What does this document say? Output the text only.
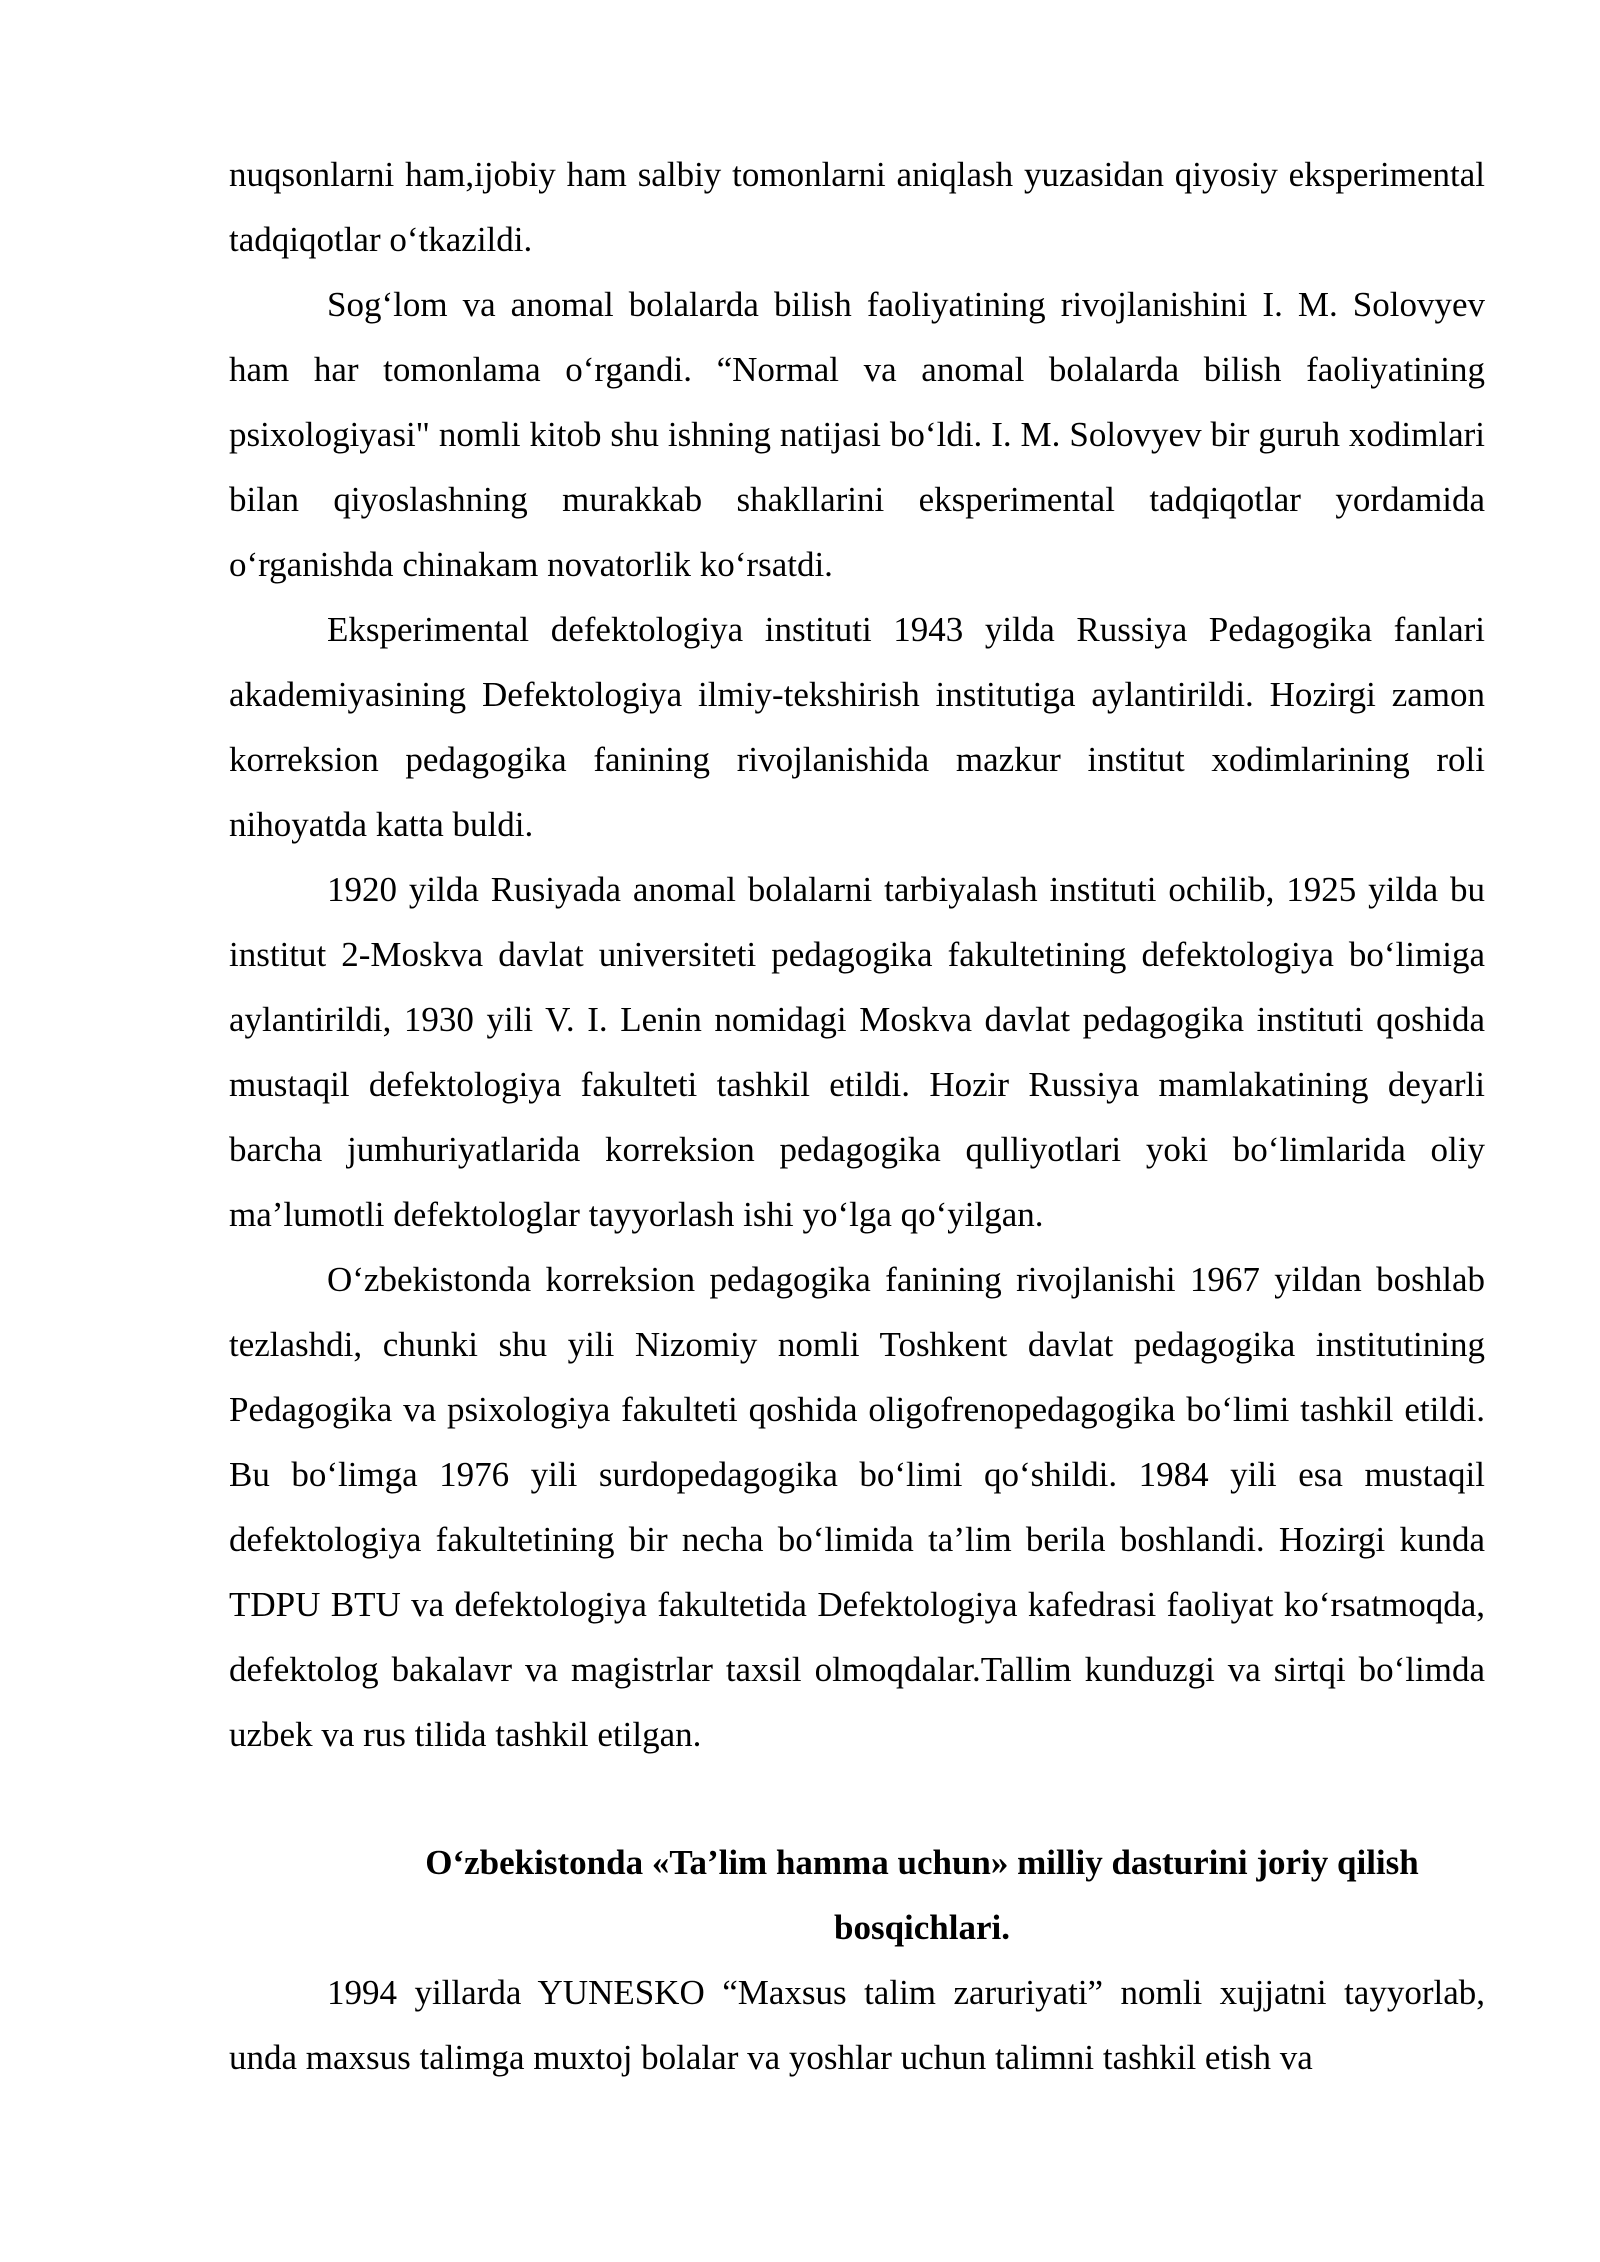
nuqsonlarni ham,ijobiy ham salbiy tomonlarni aniqlash yuzasidan qiyosiy eksperimental tadqiqotlar o‘tkazildi.

Sog‘lom va anomal bolalarda bilish faoliyatining rivojlanishini I. M. Solovyev ham har tomonlama o‘rgandi. “Normal va anomal bolalarda bilish faoliyatining psixologiyasi" nomli kitob shu ishning natijasi bo‘ldi. I. M. Solovyev bir guruh xodimlari bilan qiyoslashning murakkab shakllarini eksperimental tadqiqotlar yordamida o‘rganishda chinakam novatorlik ko‘rsatdi.

Eksperimental defektologiya instituti 1943 yilda Russiya Pedagogika fanlari akademiyasining Defektologiya ilmiy-tekshirish institutiga aylantirildi. Hozirgi zamon korreksion pedagogika fanining rivojlanishida mazkur institut xodimlarining roli nihoyatda katta buldi.

1920 yilda Rusiyada anomal bolalarni tarbiyalash instituti ochilib, 1925 yilda bu institut 2-Moskva davlat universiteti pedagogika fakultetining defektologiya bo‘limiga aylantirildi, 1930 yili V. I. Lenin nomidagi Moskva davlat pedagogika instituti qoshida mustaqil defektologiya fakulteti tashkil etildi. Hozir Russiya mamlakatining deyarli barcha jumhuriyatlarida korreksion pedagogika qulliyotlari yoki bo‘limlarida oliy ma’lumotli defektologlar tayyorlash ishi yo‘lga qo‘yilgan.

O‘zbekistonda korreksion pedagogika fanining rivojlanishi 1967 yildan boshlab tezlashdi, chunki shu yili Nizomiy nomli Toshkent davlat pedagogika institutining Pedagogika va psixologiya fakulteti qoshida oligofrenopedagogika bo‘limi tashkil etildi. Bu bo‘limga 1976 yili surdopedagogika bo‘limi qo‘shildi. 1984 yili esa mustaqil defektologiya fakultetining bir necha bo‘limida ta’lim berila boshlandi. Hozirgi kunda TDPU BTU va defektologiya fakultetida Defektologiya kafedrasi faoliyat ko‘rsatmoqda, defektolog bakalavr va magistrlar taxsil olmoqdalar.Tallim kunduzgi va sirtqi bo‘limda uzbek va rus tilida tashkil etilgan.

O‘zbekistonda «Ta’lim hamma uchun» milliy dasturini joriy qilish bosqichlari.

1994 yillarda YUNESKO “Maxsus talim zaruriyati” nomli xujjatni tayyorlab, unda maxsus talimga muxtoj bolalar va yoshlar uchun talimni tashkil etish va
